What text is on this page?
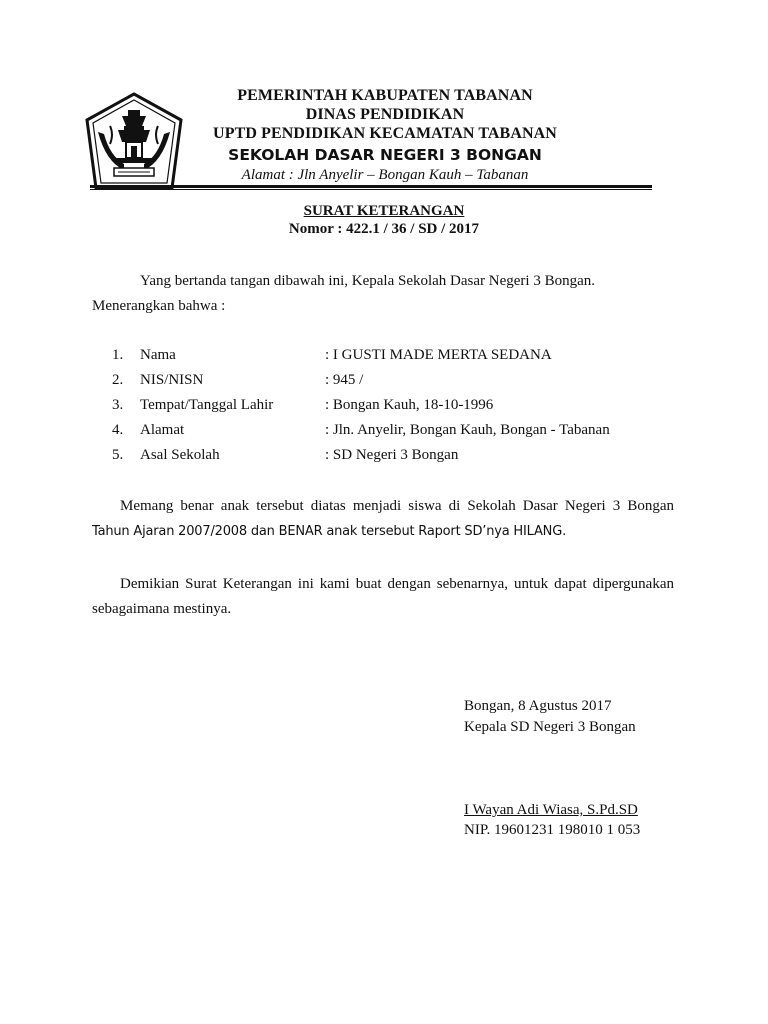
PEMERINTAH KABUPATEN TABANAN
DINAS PENDIDIKAN
UPTD PENDIDIKAN KECAMATAN TABANAN
SEKOLAH DASAR NEGERI 3 BONGAN
Alamat : Jln Anyelir – Bongan Kauh – Tabanan
SURAT KETERANGAN
Nomor : 422.1 / 36 / SD / 2017
Yang bertanda tangan dibawah ini, Kepala Sekolah Dasar Negeri 3 Bongan.
Menerangkan bahwa :
1.	Nama	: I GUSTI MADE MERTA SEDANA
2.	NIS/NISN	: 945 /
3.	Tempat/Tanggal Lahir	: Bongan Kauh, 18-10-1996
4.	Alamat	: Jln. Anyelir, Bongan Kauh, Bongan - Tabanan
5.	Asal Sekolah	: SD Negeri 3 Bongan
Memang benar anak tersebut diatas menjadi siswa di Sekolah Dasar Negeri 3 Bongan
Tahun Ajaran 2007/2008 dan BENAR anak tersebut Raport SD’nya HILANG.
Demikian Surat Keterangan ini kami buat dengan sebenarnya, untuk dapat dipergunakan
sebagaimana mestinya.
Bongan, 8 Agustus 2017
Kepala SD Negeri 3 Bongan
I Wayan Adi Wiasa, S.Pd.SD
NIP. 19601231 198010 1 053
